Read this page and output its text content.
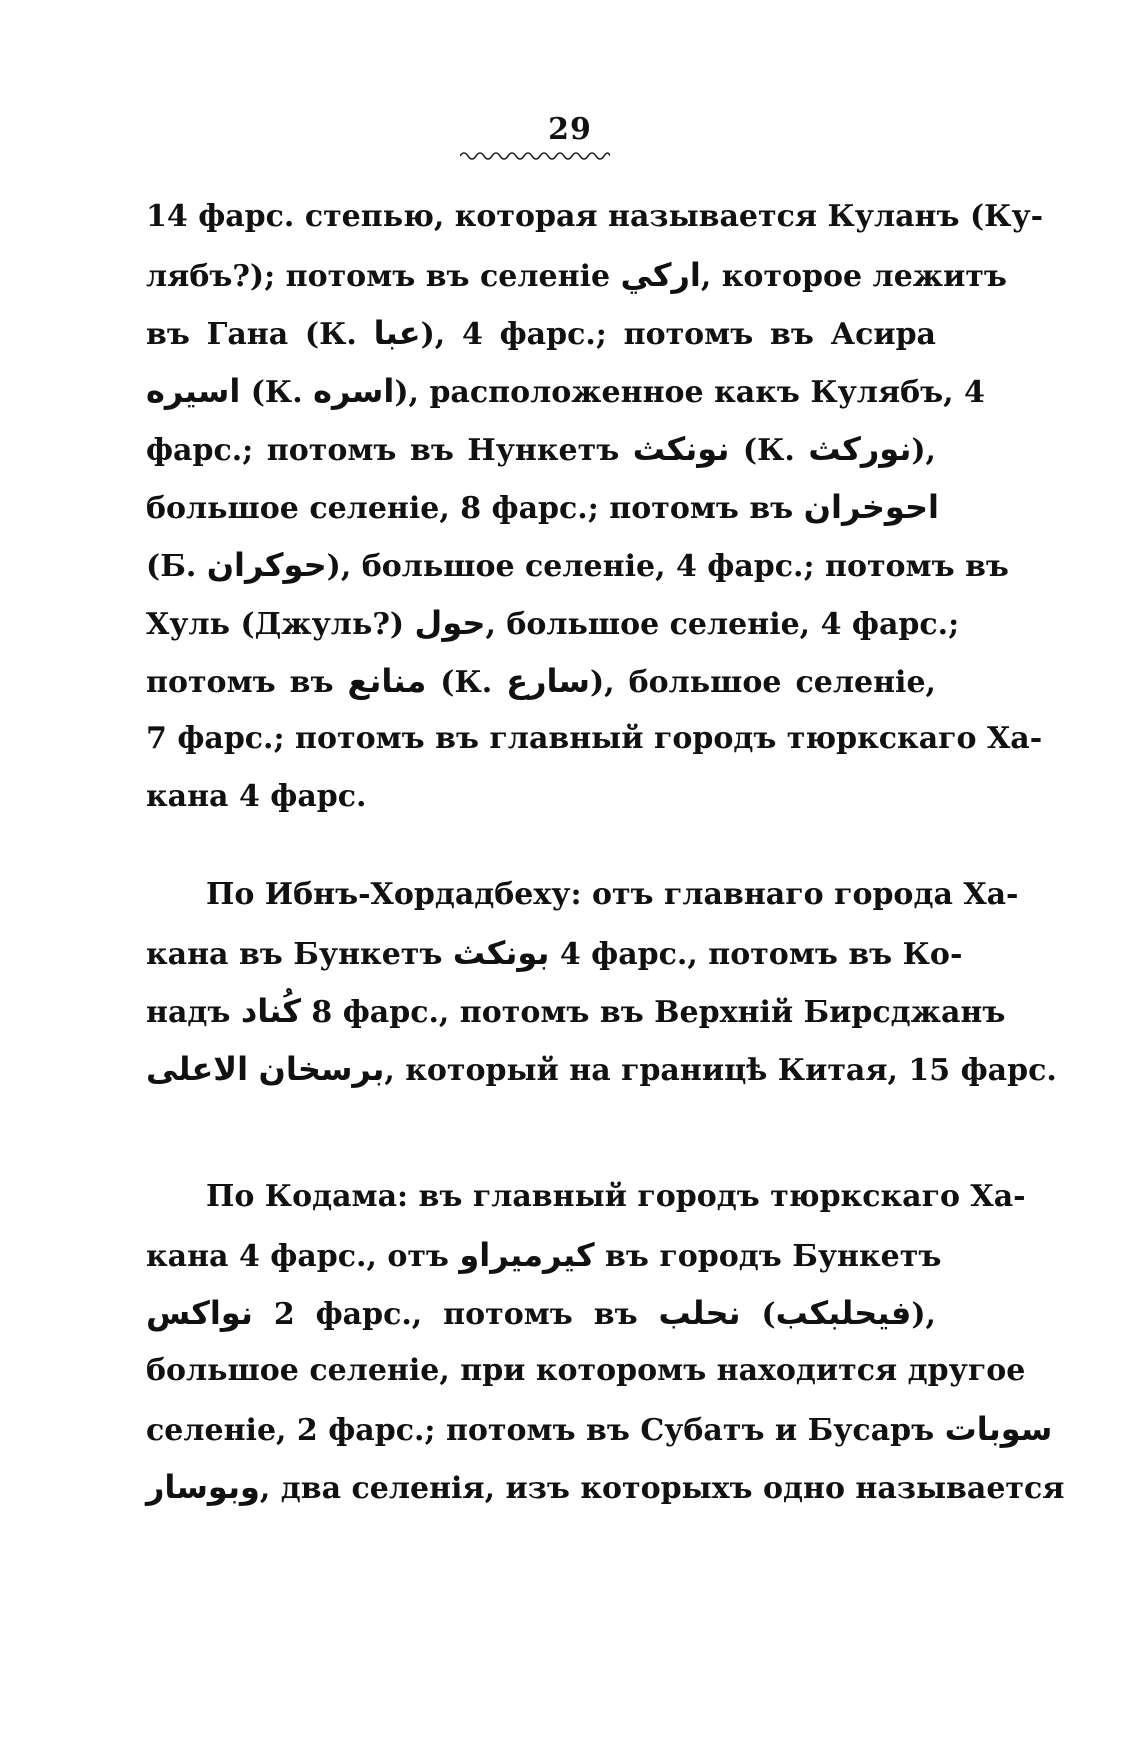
29
14 фарс. степью, которая называется Куланъ (Ку-
лябъ?); потомъ въ селеніе اركي, которое лежитъ
въ Гана (К. عبا), 4 фарс.; потомъ въ Асира
اسيره (К. اسره), расположенное какъ Кулябъ, 4
фарс.; потомъ въ Нункетъ نونكث (К. نوركث),
большое селеніе, 8 фарс.; потомъ въ احوخران
(Б. حوكران), большое селеніе, 4 фарс.; потомъ въ
Хуль (Джуль?) حول, большое селеніе, 4 фарс.;
потомъ въ منانع (К. سارع), большое селеніе,
7 фарс.; потомъ въ главный городъ тюркскаго Ха-
кана 4 фарс.
По Ибнъ-Хордадбеху: отъ главнаго города Ха-
кана въ Бункетъ بونكث 4 фарс., потомъ въ Ко-
надъ كُناد 8 фарс., потомъ въ Верхній Бирсджанъ
الاعلى برسخان, который на границѣ Китая, 15 фарс.
По Кодама: въ главный городъ тюркскаго Ха-
кана 4 фарс., отъ كيرميراو въ городъ Бункетъ
نواكس 2 фарс., потомъ въ نحلب (فيحلبكب),
большое селеніе, при которомъ находится другое
селеніе, 2 фарс.; потомъ въ Субатъ и Бусаръ سوبات
وبوسار, два селенія, изъ которыхъ одно называется
